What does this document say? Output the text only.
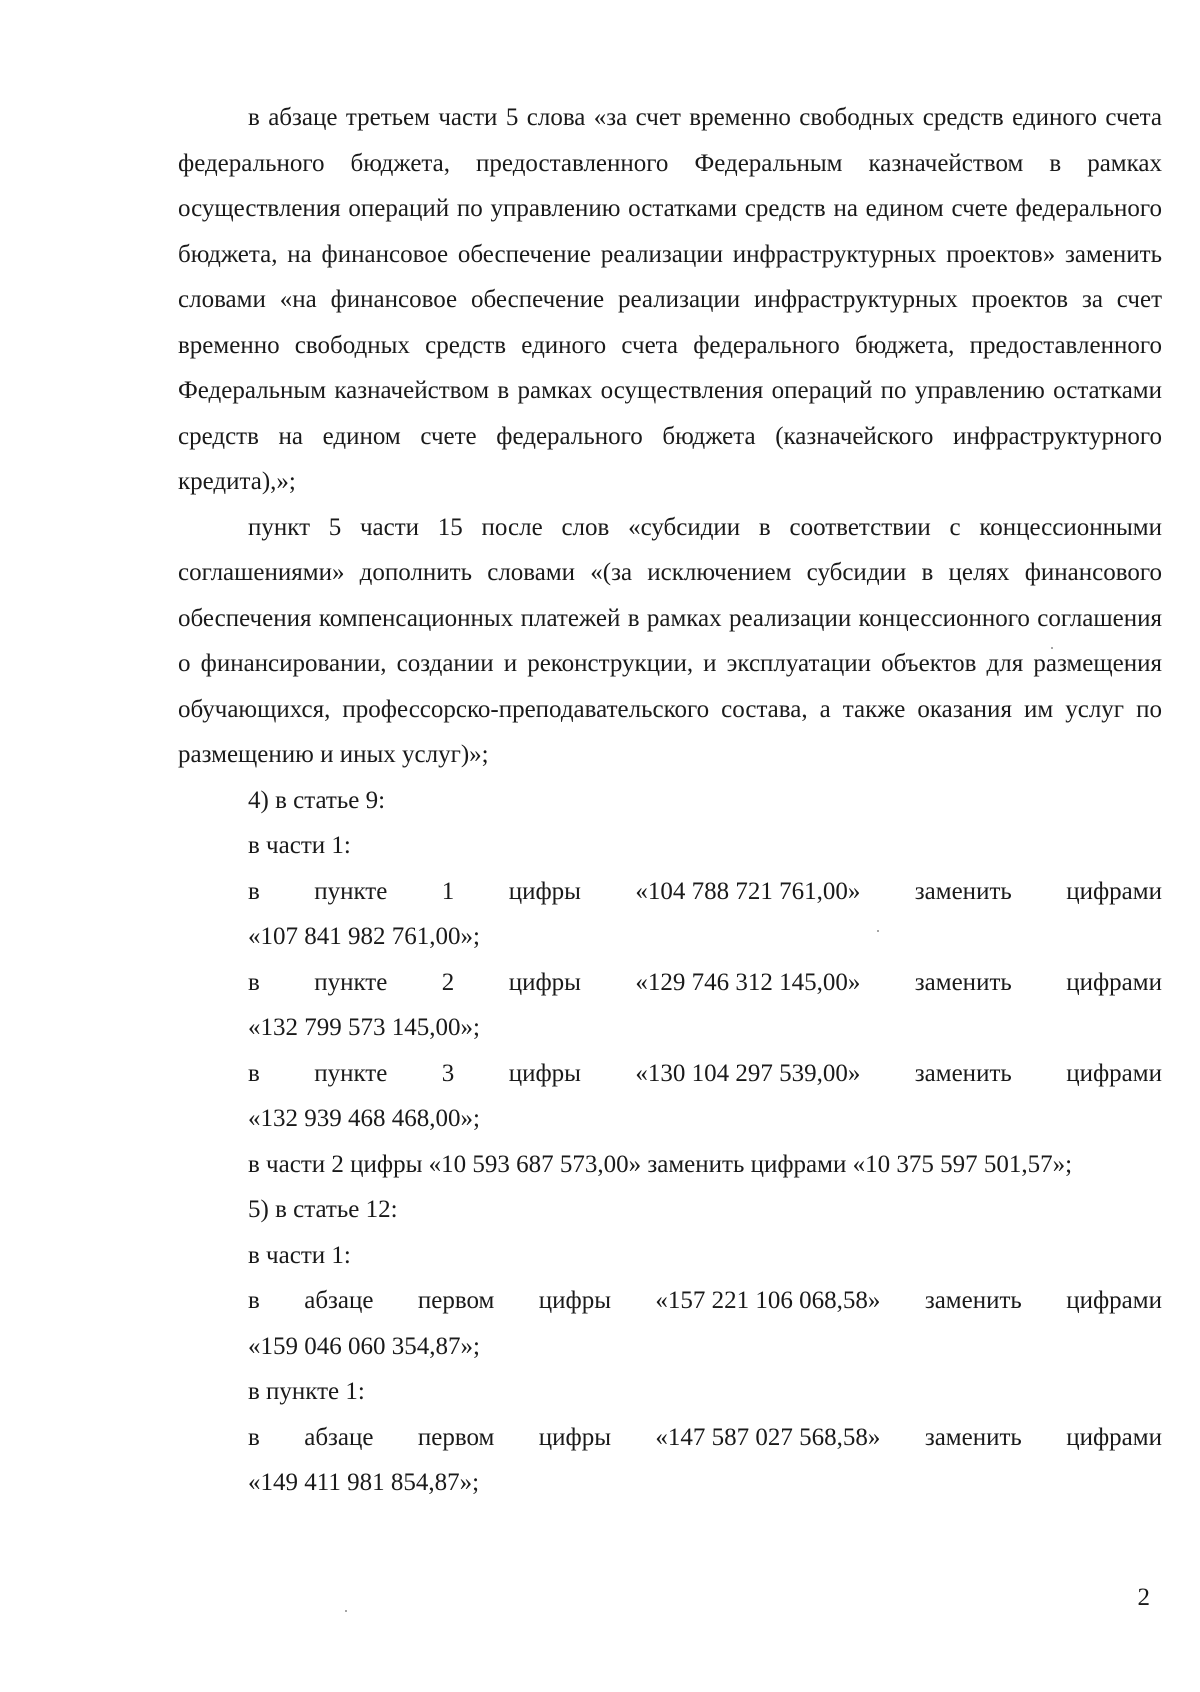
в абзаце третьем части 5 слова «за счет временно свободных средств единого счета федерального бюджета, предоставленного Федеральным казначейством в рамках осуществления операций по управлению остатками средств на едином счете федерального бюджета, на финансовое обеспечение реализации инфраструктурных проектов» заменить словами «на финансовое обеспечение реализации инфраструктурных проектов за счет временно свободных средств единого счета федерального бюджета, предоставленного Федеральным казначейством в рамках осуществления операций по управлению остатками средств на едином счете федерального бюджета (казначейского инфраструктурного кредита),»;

пункт 5 части 15 после слов «субсидии в соответствии с концессионными соглашениями» дополнить словами «(за исключением субсидии в целях финансового обеспечения компенсационных платежей в рамках реализации концессионного соглашения о финансировании, создании и реконструкции, и эксплуатации объектов для размещения обучающихся, профессорско-преподавательского состава, а также оказания им услуг по размещению и иных услуг)»;

4) в статье 9:

в части 1:

в пункте 1 цифры «104 788 721 761,00» заменить цифрами

«107 841 982 761,00»;

в пункте 2 цифры «129 746 312 145,00» заменить цифрами

«132 799 573 145,00»;

в пункте 3 цифры «130 104 297 539,00» заменить цифрами

«132 939 468 468,00»;

в части 2 цифры «10 593 687 573,00» заменить цифрами «10 375 597 501,57»;

5) в статье 12:

в части 1:

в абзаце первом цифры «157 221 106 068,58» заменить цифрами

«159 046 060 354,87»;

в пункте 1:

в абзаце первом цифры «147 587 027 568,58» заменить цифрами

«149 411 981 854,87»;

2
